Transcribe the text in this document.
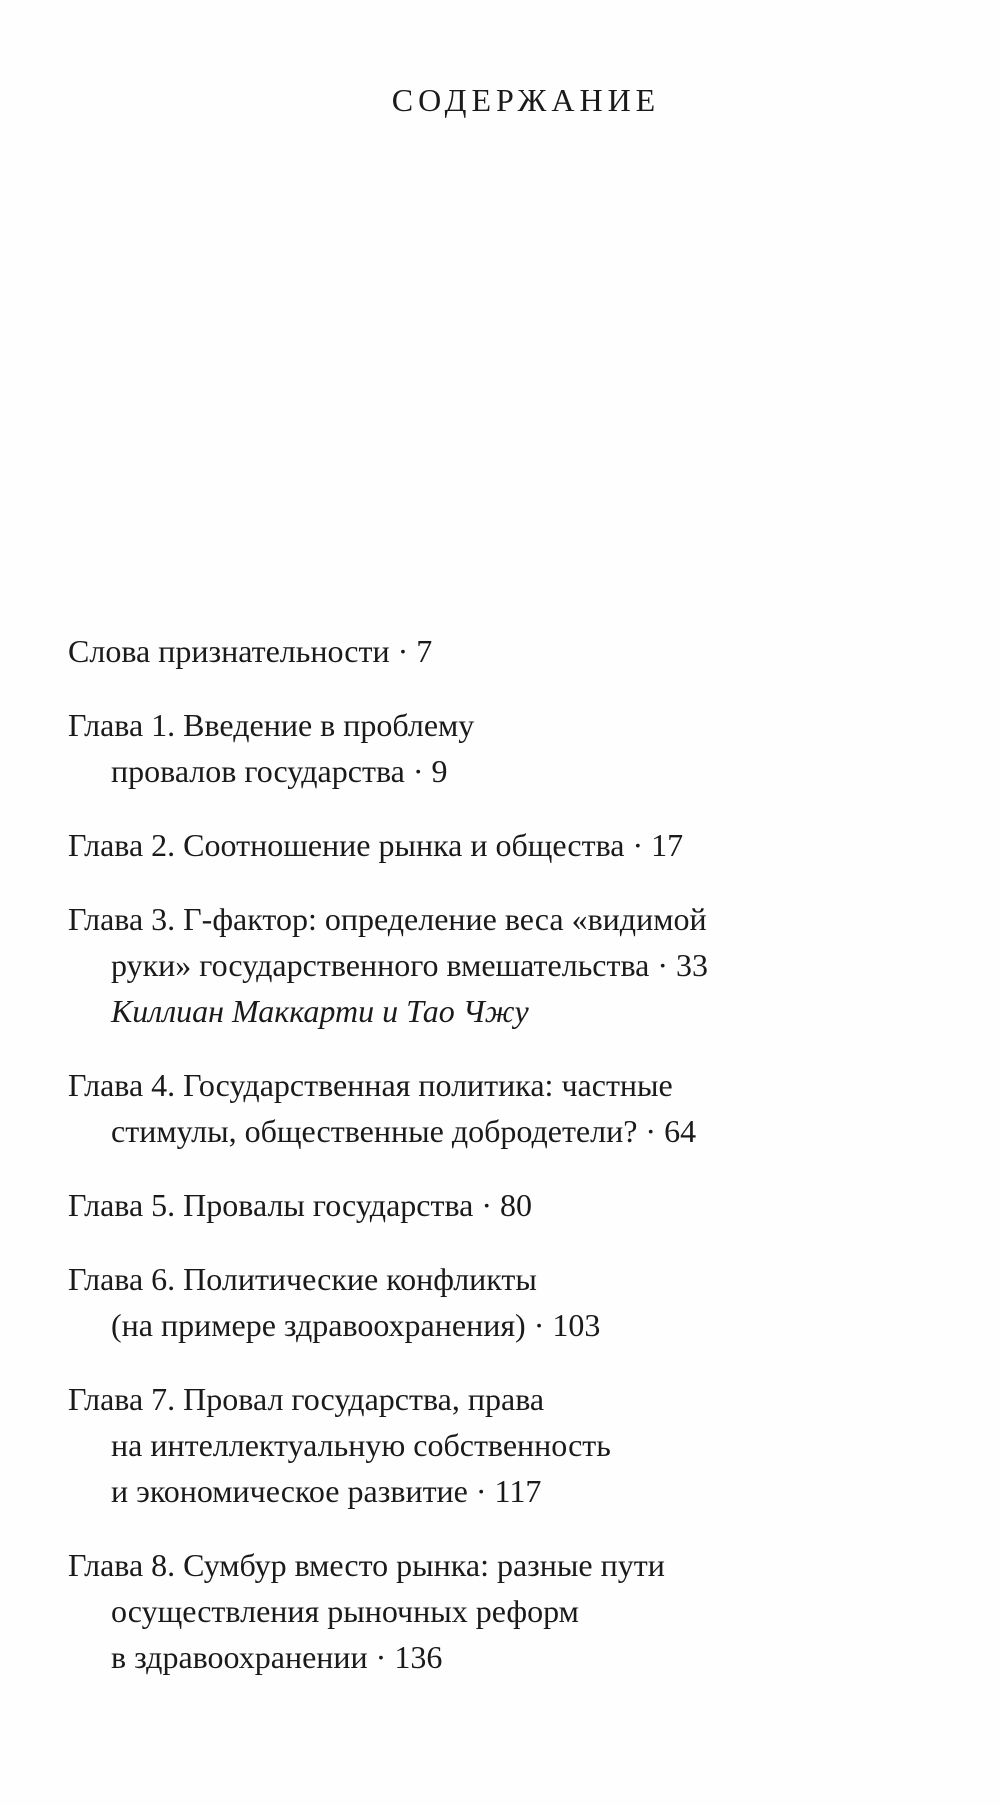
СОДЕРЖАНИЕ
Слова признательности · 7
Глава 1. Введение в проблему
провалов государства · 9
Глава 2. Соотношение рынка и общества · 17
Глава 3. Г-фактор: определение веса «видимой
руки» государственного вмешательства · 33
Киллиан Маккарти и Тао Чжу
Глава 4. Государственная политика: частные
стимулы, общественные добродетели? · 64
Глава 5. Провалы государства · 80
Глава 6. Политические конфликты
(на примере здравоохранения) · 103
Глава 7. Провал государства, права
на интеллектуальную собственность
и экономическое развитие · 117
Глава 8. Сумбур вместо рынка: разные пути
осуществления рыночных реформ
в здравоохранении · 136
